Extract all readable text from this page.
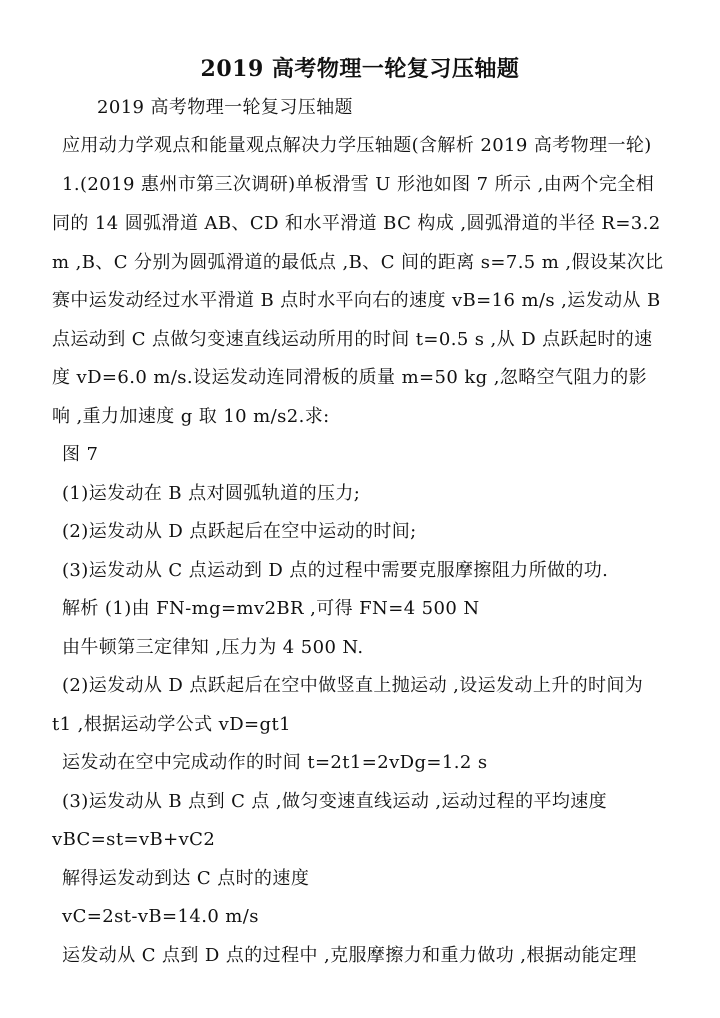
2019 高考物理一轮复习压轴题
2019 高考物理一轮复习压轴题
应用动力学观点和能量观点解决力学压轴题(含解析 2019 高考物理一轮)
1.(2019 惠州市第三次调研)单板滑雪 U 形池如图 7 所示 ,由两个完全相
同的 14 圆弧滑道 AB、CD 和水平滑道 BC 构成 ,圆弧滑道的半径 R=3.2
m ,B、C 分别为圆弧滑道的最低点 ,B、C 间的距离 s=7.5 m ,假设某次比
赛中运发动经过水平滑道 B 点时水平向右的速度 vB=16 m/s ,运发动从 B
点运动到 C 点做匀变速直线运动所用的时间 t=0.5 s ,从 D 点跃起时的速
度 vD=6.0 m/s.设运发动连同滑板的质量 m=50 kg ,忽略空气阻力的影
响 ,重力加速度 g 取 10 m/s2.求:
图 7
(1)运发动在 B 点对圆弧轨道的压力;
(2)运发动从 D 点跃起后在空中运动的时间;
(3)运发动从 C 点运动到 D 点的过程中需要克服摩擦阻力所做的功.
解析 (1)由 FN-mg=mv2BR ,可得 FN=4 500 N
由牛顿第三定律知 ,压力为 4 500 N.
(2)运发动从 D 点跃起后在空中做竖直上抛运动 ,设运发动上升的时间为
t1 ,根据运动学公式 vD=gt1
运发动在空中完成动作的时间 t=2t1=2vDg=1.2 s
(3)运发动从 B 点到 C 点 ,做匀变速直线运动 ,运动过程的平均速度
vBC=st=vB+vC2
解得运发动到达 C 点时的速度
vC=2st-vB=14.0 m/s
运发动从 C 点到 D 点的过程中 ,克服摩擦力和重力做功 ,根据动能定理
